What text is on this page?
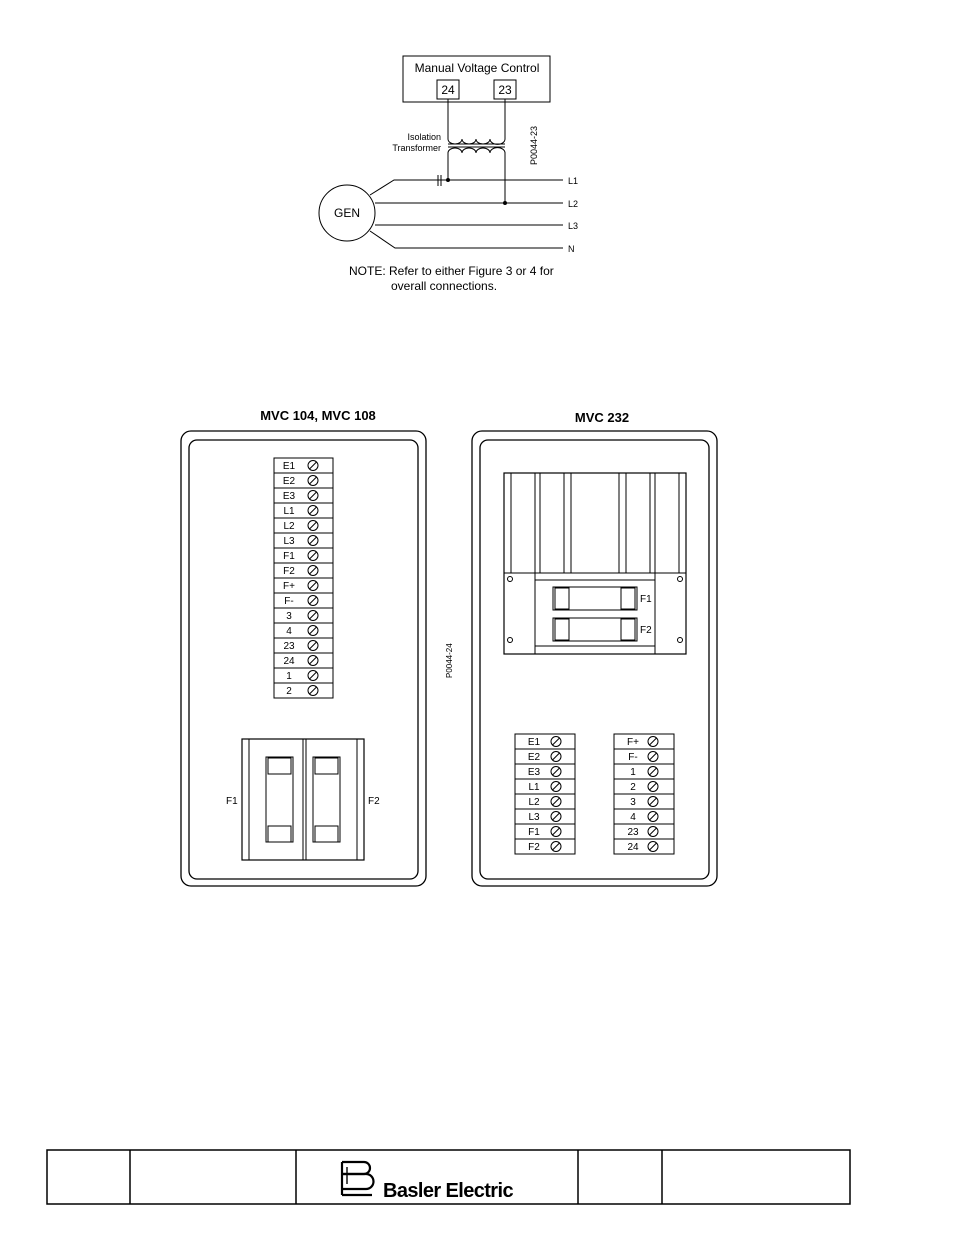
Manual Voltage Control
24	23
Isolation
Transformer	P0044-23
GEN
L1
L2
L3
N
NOTE: Refer to either Figure 3 or 4 for
overall connections.
P0044-24
MVC 104, MVC 108
E1
E2
E3
L1
L2
L3
F1
F2
F+
F-
3
4
23
24
1
2
F1	F2
MVC 232
F1
F2
E1
E2
E3
L1
L2
L3
F1
F2
F+
F-
1
2
3
4
23
24
Basler Electric
